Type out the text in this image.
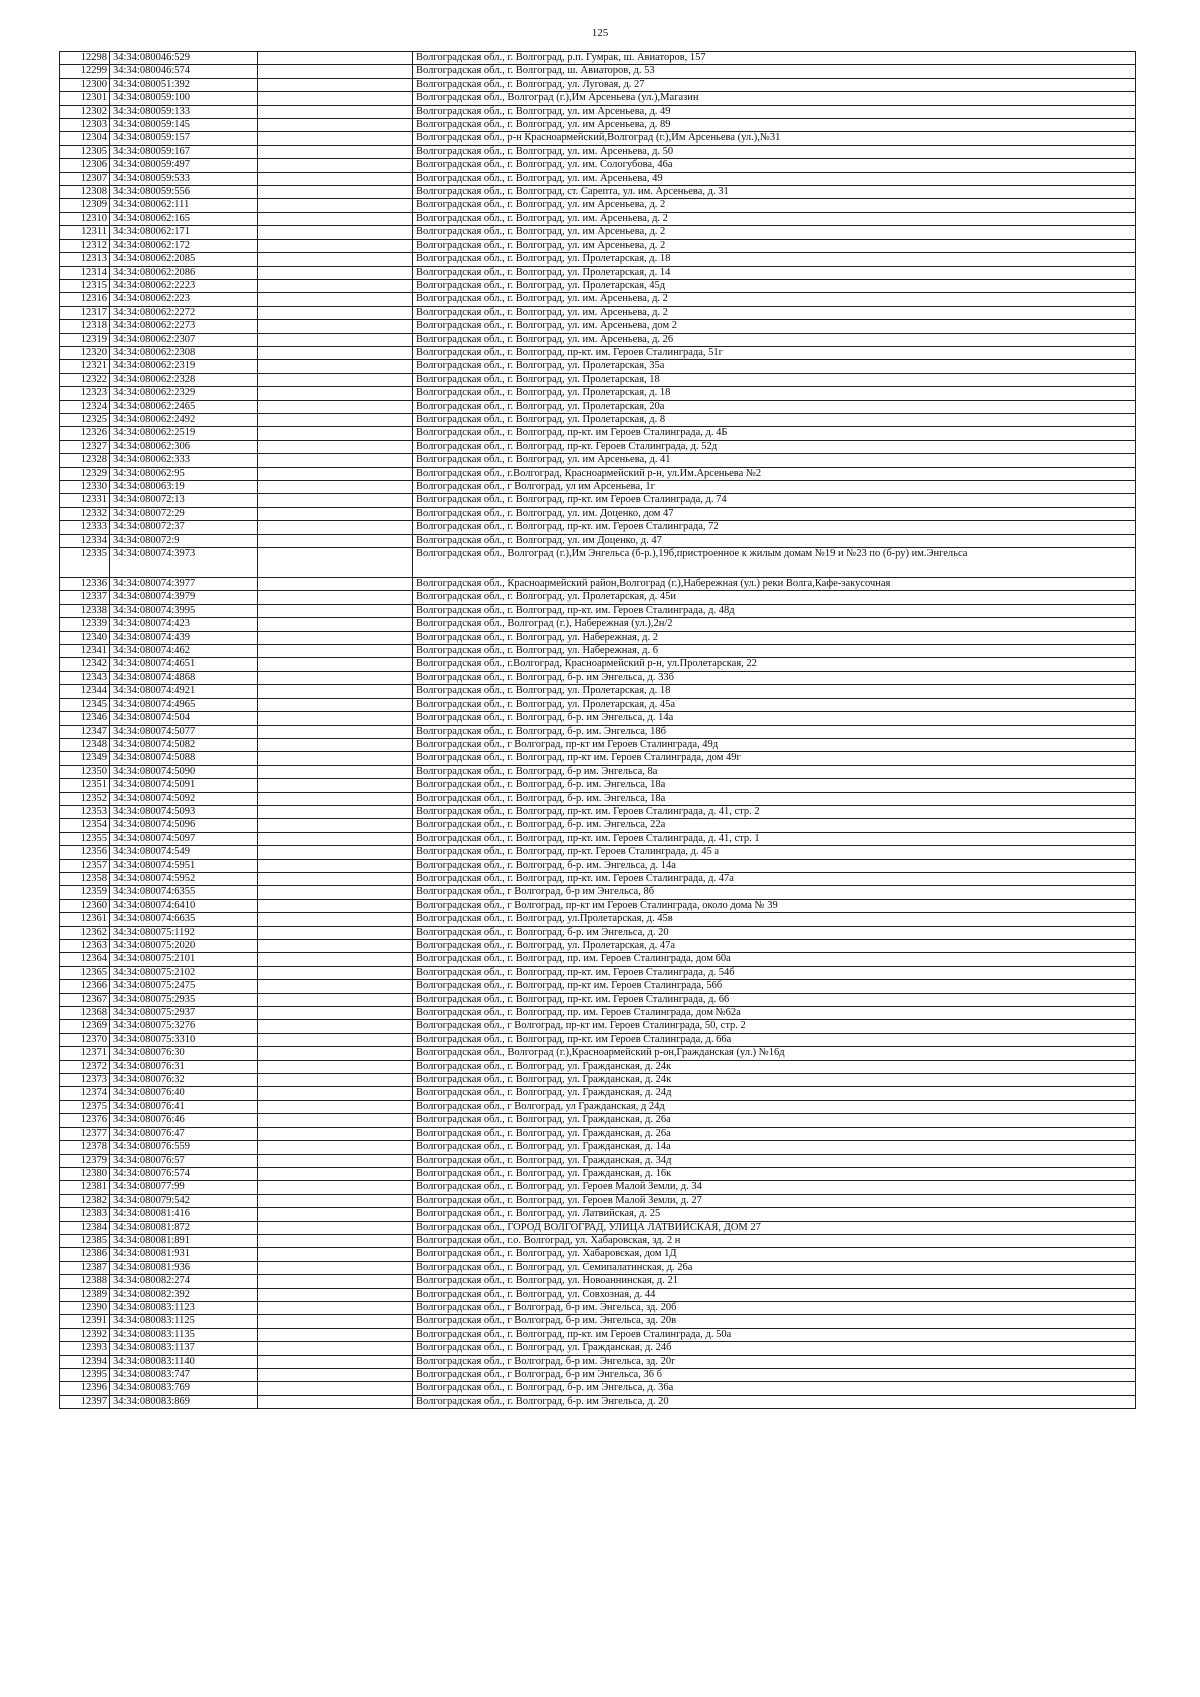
125
12298	34:34:080046:529		Волгоградская обл., г. Волгоград, р.п. Гумрак, ш. Авиаторов, 157
12299	34:34:080046:574		Волгоградская обл., г. Волгоград, ш. Авиаторов, д. 53
12300	34:34:080051:392		Волгоградская обл., г. Волгоград, ул. Луговая, д. 27
12301	34:34:080059:100		Волгоградская обл., Волгоград (г.),Им Арсеньева (ул.),Магазин
12302	34:34:080059:133		Волгоградская обл., г. Волгоград, ул. им Арсеньева, д. 49
12303	34:34:080059:145		Волгоградская обл., г. Волгоград, ул. им Арсеньева, д. 89
12304	34:34:080059:157		Волгоградская обл., р-н Красноармейский,Волгоград (г.),Им Арсеньева (ул.),№31
12305	34:34:080059:167		Волгоградская обл., г. Волгоград, ул. им. Арсеньева, д. 50
12306	34:34:080059:497		Волгоградская обл., г. Волгоград, ул. им. Сологубова, 46а
12307	34:34:080059:533		Волгоградская обл., г. Волгоград, ул. им. Арсеньева, 49
12308	34:34:080059:556		Волгоградская обл., г. Волгоград, ст. Сарепта, ул. им. Арсеньева, д. 31
12309	34:34:080062:111		Волгоградская обл., г. Волгоград, ул. им Арсеньева, д. 2
12310	34:34:080062:165		Волгоградская обл., г. Волгоград, ул. им. Арсеньева, д. 2
12311	34:34:080062:171		Волгоградская обл., г. Волгоград, ул. им Арсеньева, д. 2
12312	34:34:080062:172		Волгоградская обл., г. Волгоград, ул. им Арсеньева, д. 2
12313	34:34:080062:2085		Волгоградская обл., г. Волгоград, ул. Пролетарская, д. 18
12314	34:34:080062:2086		Волгоградская обл., г. Волгоград, ул. Пролетарская, д. 14
12315	34:34:080062:2223		Волгоградская обл., г. Волгоград, ул. Пролетарская, 45д
12316	34:34:080062:223		Волгоградская обл., г. Волгоград, ул. им. Арсеньева, д. 2
12317	34:34:080062:2272		Волгоградская обл., г. Волгоград, ул. им. Арсеньева, д. 2
12318	34:34:080062:2273		Волгоградская обл., г. Волгоград, ул. им. Арсеньева, дом 2
12319	34:34:080062:2307		Волгоградская обл., г. Волгоград, ул. им. Арсеньева, д. 26
12320	34:34:080062:2308		Волгоградская обл., г. Волгоград, пр-кт. им. Героев Сталинграда, 51г
12321	34:34:080062:2319		Волгоградская обл., г. Волгоград, ул. Пролетарская, 35а
12322	34:34:080062:2328		Волгоградская обл., г. Волгоград, ул. Пролетарская, 18
12323	34:34:080062:2329		Волгоградская обл., г. Волгоград, ул. Пролетарская, д. 18
12324	34:34:080062:2465		Волгоградская обл., г. Волгоград, ул. Пролетарская, 20а
12325	34:34:080062:2492		Волгоградская обл., г. Волгоград, ул. Пролетарская, д. 8
12326	34:34:080062:2519		Волгоградская обл., г. Волгоград, пр-кт. им Героев Сталинграда, д. 4Б
12327	34:34:080062:306		Волгоградская обл., г. Волгоград, пр-кт. Героев Сталинграда, д. 52д
12328	34:34:080062:333		Волгоградская обл., г. Волгоград, ул. им Арсеньева, д. 41
12329	34:34:080062:95		Волгоградская обл., г.Волгоград, Красноармейский р-н, ул.Им.Арсеньева №2
12330	34:34:080063:19		Волгоградская обл., г Волгоград, ул им Арсеньева, 1г
12331	34:34:080072:13		Волгоградская обл., г. Волгоград, пр-кт. им Героев Сталинграда, д. 74
12332	34:34:080072:29		Волгоградская обл., г. Волгоград, ул. им. Доценко, дом 47
12333	34:34:080072:37		Волгоградская обл., г. Волгоград, пр-кт. им. Героев Сталинграда, 72
12334	34:34:080072:9		Волгоградская обл., г. Волгоград, ул. им Доценко, д. 47
12335	34:34:080074:3973		Волгоградская обл., Волгоград (г.),Им Энгельса (б-р.),19б,пристроенное к жилым домам №19 и №23 по (б-ру) им.Энгельса
12336	34:34:080074:3977		Волгоградская обл., Красноармейский район,Волгоград (г.),Набережная (ул.) реки Волга,Кафе-закусочная
12337	34:34:080074:3979		Волгоградская обл., г. Волгоград, ул. Пролетарская, д. 45и
12338	34:34:080074:3995		Волгоградская обл., г. Волгоград, пр-кт. им. Героев Сталинграда, д. 48д
12339	34:34:080074:423		Волгоградская обл., Волгоград (г.), Набережная (ул.),2н/2
12340	34:34:080074:439		Волгоградская обл., г. Волгоград, ул. Набережная, д. 2
12341	34:34:080074:462		Волгоградская обл., г. Волгоград, ул. Набережная, д. 6
12342	34:34:080074:4651		Волгоградская обл., г.Волгоград, Красноармейский р-н, ул.Пролетарская, 22
12343	34:34:080074:4868		Волгоградская обл., г. Волгоград, б-р. им Энгельса, д. 33б
12344	34:34:080074:4921		Волгоградская обл., г. Волгоград, ул. Пролетарская, д. 18
12345	34:34:080074:4965		Волгоградская обл., г. Волгоград, ул. Пролетарская, д. 45а
12346	34:34:080074:504		Волгоградская обл., г. Волгоград, б-р. им Энгельса, д. 14а
12347	34:34:080074:5077		Волгоградская обл., г. Волгоград, б-р. им. Энгельса, 18б
12348	34:34:080074:5082		Волгоградская обл., г Волгоград, пр-кт им Героев Сталинграда, 49д
12349	34:34:080074:5088		Волгоградская обл., г. Волгоград, пр-кт им. Героев Сталинграда, дом 49г
12350	34:34:080074:5090		Волгоградская обл., г. Волгоград, б-р им. Энгельса, 8а
12351	34:34:080074:5091		Волгоградская обл., г. Волгоград, б-р. им. Энгельса, 18а
12352	34:34:080074:5092		Волгоградская обл., г. Волгоград, б-р. им. Энгельса, 18а
12353	34:34:080074:5093		Волгоградская обл., г. Волгоград, пр-кт. им. Героев Сталинграда, д. 41, стр. 2
12354	34:34:080074:5096		Волгоградская обл., г. Волгоград, б-р. им. Энгельса, 22а
12355	34:34:080074:5097		Волгоградская обл., г. Волгоград, пр-кт. им. Героев Сталинграда, д. 41, стр. 1
12356	34:34:080074:549		Волгоградская обл., г. Волгоград, пр-кт. Героев Сталинграда, д. 45 а
12357	34:34:080074:5951		Волгоградская обл., г. Волгоград, б-р. им. Энгельса, д. 14а
12358	34:34:080074:5952		Волгоградская обл., г. Волгоград, пр-кт. им. Героев Сталинграда, д. 47а
12359	34:34:080074:6355		Волгоградская обл., г Волгоград, б-р им Энгельса, 8б
12360	34:34:080074:6410		Волгоградская обл., г Волгоград, пр-кт им Героев Сталинграда, около дома № 39
12361	34:34:080074:6635		Волгоградская обл., г. Волгоград, ул.Пролетарская, д. 45в
12362	34:34:080075:1192		Волгоградская обл., г. Волгоград, б-р. им Энгельса, д. 20
12363	34:34:080075:2020		Волгоградская обл., г. Волгоград, ул. Пролетарская, д. 47а
12364	34:34:080075:2101		Волгоградская обл., г. Волгоград, пр. им. Героев Сталинграда, дом 60а
12365	34:34:080075:2102		Волгоградская обл., г. Волгоград, пр-кт. им. Героев Сталинграда, д. 54б
12366	34:34:080075:2475		Волгоградская обл., г. Волгоград, пр-кт им. Героев Сталинграда, 56б
12367	34:34:080075:2935		Волгоградская обл., г. Волгоград, пр-кт. им. Героев Сталинграда, д. 66
12368	34:34:080075:2937		Волгоградская обл., г. Волгоград, пр. им. Героев Сталинграда, дом №62а
12369	34:34:080075:3276		Волгоградская обл., г Волгоград, пр-кт им. Героев Сталинграда, 50, стр. 2
12370	34:34:080075:3310		Волгоградская обл., г. Волгоград, пр-кт. им Героев Сталинграда, д. 66а
12371	34:34:080076:30		Волгоградская обл., Волгоград (г.),Красноармейский р-он,Гражданская (ул.) №16д
12372	34:34:080076:31		Волгоградская обл., г. Волгоград, ул. Гражданская, д. 24к
12373	34:34:080076:32		Волгоградская обл., г. Волгоград, ул. Гражданская, д. 24к
12374	34:34:080076:40		Волгоградская обл., г. Волгоград, ул. Гражданская, д. 24д
12375	34:34:080076:41		Волгоградская обл., г Волгоград, ул Гражданская, д 24д
12376	34:34:080076:46		Волгоградская обл., г. Волгоград, ул. Гражданская, д. 26а
12377	34:34:080076:47		Волгоградская обл., г. Волгоград, ул. Гражданская, д. 26а
12378	34:34:080076:559		Волгоградская обл., г. Волгоград, ул. Гражданская, д. 14а
12379	34:34:080076:57		Волгоградская обл., г. Волгоград, ул. Гражданская, д. 34д
12380	34:34:080076:574		Волгоградская обл., г. Волгоград, ул. Гражданская, д. 16к
12381	34:34:080077:99		Волгоградская обл., г. Волгоград, ул. Героев Малой Земли, д. 34
12382	34:34:080079:542		Волгоградская обл., г. Волгоград, ул. Героев Малой Земли, д. 27
12383	34:34:080081:416		Волгоградская обл., г. Волгоград, ул. Латвийская, д. 25
12384	34:34:080081:872		Волгоградская обл., ГОРОД ВОЛГОГРАД, УЛИЦА ЛАТВИЙСКАЯ, ДОМ 27
12385	34:34:080081:891		Волгоградская обл., г.о. Волгоград, ул. Хабаровская, зд. 2 н
12386	34:34:080081:931		Волгоградская обл., г. Волгоград, ул. Хабаровская, дом 1Д
12387	34:34:080081:936		Волгоградская обл., г. Волгоград, ул. Семипалатинская, д. 26а
12388	34:34:080082:274		Волгоградская обл., г. Волгоград, ул. Новоаннинская, д. 21
12389	34:34:080082:392		Волгоградская обл., г. Волгоград, ул. Совхозная, д. 44
12390	34:34:080083:1123		Волгоградская обл., г Волгоград, б-р им. Энгельса, зд. 20б
12391	34:34:080083:1125		Волгоградская обл., г Волгоград, б-р им. Энгельса, зд. 20в
12392	34:34:080083:1135		Волгоградская обл., г. Волгоград, пр-кт. им Героев Сталинграда, д. 50а
12393	34:34:080083:1137		Волгоградская обл., г. Волгоград, ул. Гражданская, д. 24б
12394	34:34:080083:1140		Волгоградская обл., г Волгоград, б-р им. Энгельса, зд. 20г
12395	34:34:080083:747		Волгоградская обл., г Волгоград, б-р им Энгельса, 36 б
12396	34:34:080083:769		Волгоградская обл., г. Волгоград, б-р. им Энгельса, д. 36а
12397	34:34:080083:869		Волгоградская обл., г. Волгоград, б-р. им Энгельса, д. 20
